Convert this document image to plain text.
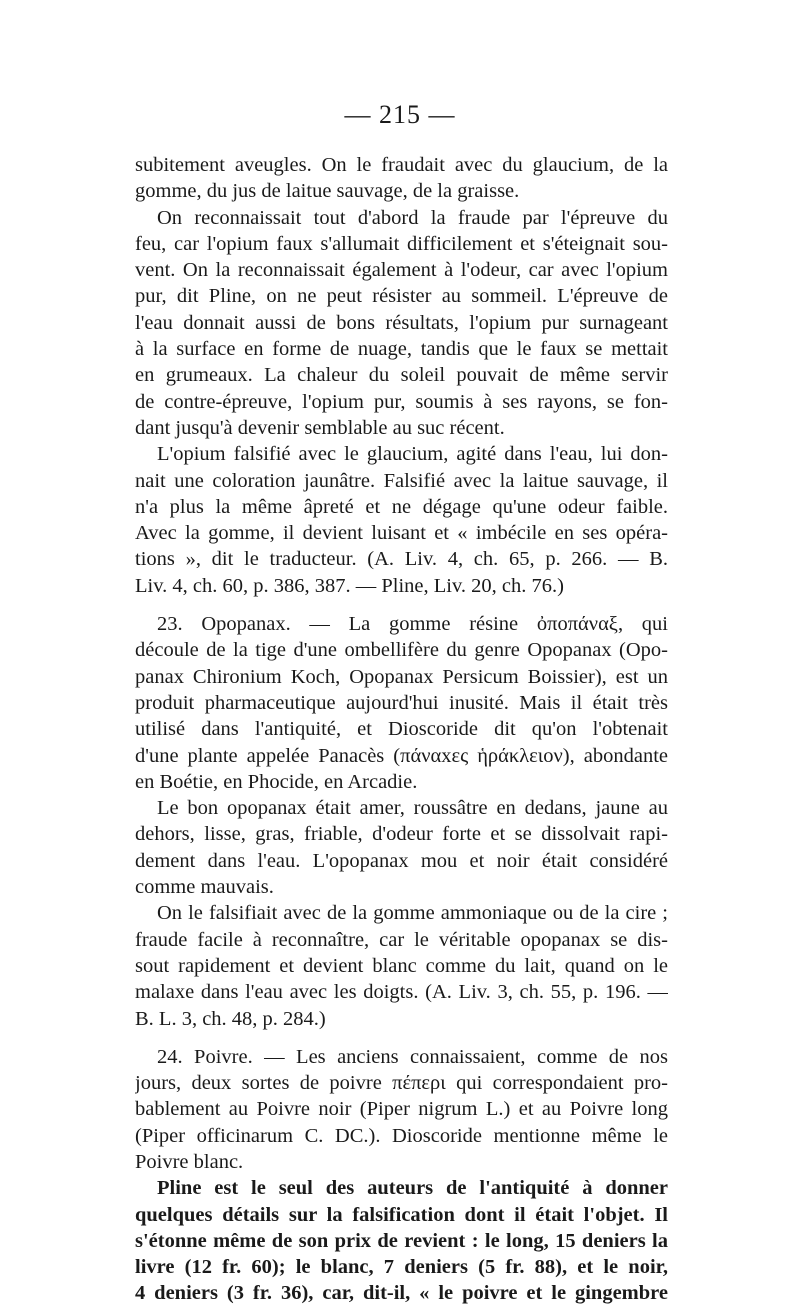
— 215 —
subitement aveugles. On le fraudait avec du glaucium, de la
gomme, du jus de laitue sauvage, de la graisse.
On reconnaissait tout d'abord la fraude par l'épreuve du
feu, car l'opium faux s'allumait difficilement et s'éteignait sou-
vent. On la reconnaissait également à l'odeur, car avec l'opium
pur, dit Pline, on ne peut résister au sommeil. L'épreuve de
l'eau donnait aussi de bons résultats, l'opium pur surnageant
à la surface en forme de nuage, tandis que le faux se mettait
en grumeaux. La chaleur du soleil pouvait de même servir
de contre-épreuve, l'opium pur, soumis à ses rayons, se fon-
dant jusqu'à devenir semblable au suc récent.
L'opium falsifié avec le glaucium, agité dans l'eau, lui don-
nait une coloration jaunâtre. Falsifié avec la laitue sauvage, il
n'a plus la même âpreté et ne dégage qu'une odeur faible.
Avec la gomme, il devient luisant et « imbécile en ses opéra-
tions », dit le traducteur. (A. Liv. 4, ch. 65, p. 266. — B.
Liv. 4, ch. 60, p. 386, 387. — Pline, Liv. 20, ch. 76.)
23. Opopanax. — La gomme résine ὀποπάναξ, qui
découle de la tige d'une ombellifère du genre Opopanax (Opo-
panax Chironium Koch, Opopanax Persicum Boissier), est un
produit pharmaceutique aujourd'hui inusité. Mais il était très
utilisé dans l'antiquité, et Dioscoride dit qu'on l'obtenait
d'une plante appelée Panacès (πάναxες ἡράκλειον), abondante
en Boétie, en Phocide, en Arcadie.
Le bon opopanax était amer, roussâtre en dedans, jaune au
dehors, lisse, gras, friable, d'odeur forte et se dissolvait rapi-
dement dans l'eau. L'opopanax mou et noir était considéré
comme mauvais.
On le falsifiait avec de la gomme ammoniaque ou de la cire ;
fraude facile à reconnaître, car le véritable opopanax se dis-
sout rapidement et devient blanc comme du lait, quand on le
malaxe dans l'eau avec les doigts. (A. Liv. 3, ch. 55, p. 196. —
B. L. 3, ch. 48, p. 284.)
24. Poivre. — Les anciens connaissaient, comme de nos
jours, deux sortes de poivre πέπερι qui correspondaient pro-
bablement au Poivre noir (Piper nigrum L.) et au Poivre long
(Piper officinarum C. DC.). Dioscoride mentionne même le
Poivre blanc.
Pline est le seul des auteurs de l'antiquité à donner
quelques détails sur la falsification dont il était l'objet. Il
s'étonne même de son prix de revient : le long, 15 deniers la
livre (12 fr. 60); le blanc, 7 deniers (5 fr. 88), et le noir,
4 deniers (3 fr. 36), car, dit-il, « le poivre et le gingembre
